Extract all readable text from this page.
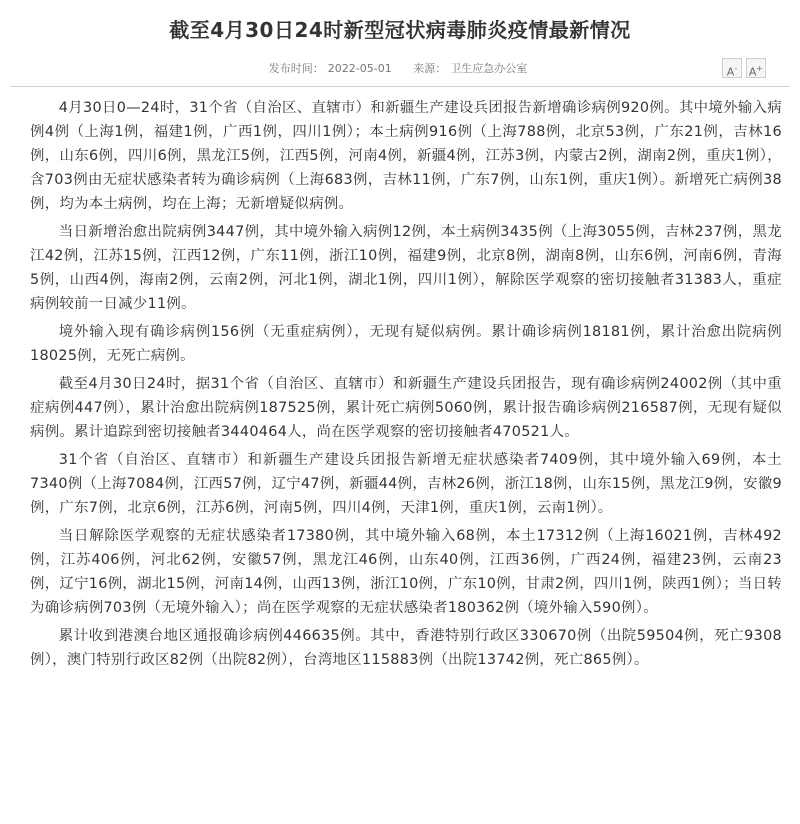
截至4月30日24时新型冠状病毒肺炎疫情最新情况
发布时间： 2022-05-01 来源： 卫生应急办公室	A-	A+

4月30日0—24时，31个省（自治区、直辖市）和新疆生产建设兵团报告新增确诊病例920例。其中境外输入病例4例（上海1例，福建1例，广西1例，四川1例）；本土病例916例（上海788例，北京53例，广东21例，吉林16例，山东6例，四川6例，黑龙江5例，江西5例，河南4例，新疆4例，江苏3例，内蒙古2例，湖南2例，重庆1例），含703例由无症状感染者转为确诊病例（上海683例，吉林11例，广东7例，山东1例，重庆1例）。新增死亡病例38例，均为本土病例，均在上海；无新增疑似病例。

当日新增治愈出院病例3447例，其中境外输入病例12例，本土病例3435例（上海3055例，吉林237例，黑龙江42例，江苏15例，江西12例，广东11例，浙江10例，福建9例，北京8例，湖南8例，山东6例，河南6例，青海5例，山西4例，海南2例，云南2例，河北1例，湖北1例，四川1例），解除医学观察的密切接触者31383人，重症病例较前一日减少11例。

境外输入现有确诊病例156例（无重症病例），无现有疑似病例。累计确诊病例18181例，累计治愈出院病例18025例，无死亡病例。

截至4月30日24时，据31个省（自治区、直辖市）和新疆生产建设兵团报告，现有确诊病例24002例（其中重症病例447例），累计治愈出院病例187525例，累计死亡病例5060例，累计报告确诊病例216587例，无现有疑似病例。累计追踪到密切接触者3440464人，尚在医学观察的密切接触者470521人。

31个省（自治区、直辖市）和新疆生产建设兵团报告新增无症状感染者7409例，其中境外输入69例，本土7340例（上海7084例，江西57例，辽宁47例，新疆44例，吉林26例，浙江18例，山东15例，黑龙江9例，安徽9例，广东7例，北京6例，江苏6例，河南5例，四川4例，天津1例，重庆1例，云南1例）。

当日解除医学观察的无症状感染者17380例，其中境外输入68例，本土17312例（上海16021例，吉林492例，江苏406例，河北62例，安徽57例，黑龙江46例，山东40例，江西36例，广西24例，福建23例，云南23例，辽宁16例，湖北15例，河南14例，山西13例，浙江10例，广东10例，甘肃2例，四川1例，陕西1例）；当日转为确诊病例703例（无境外输入）；尚在医学观察的无症状感染者180362例（境外输入590例）。

累计收到港澳台地区通报确诊病例446635例。其中，香港特别行政区330670例（出院59504例，死亡9308例），澳门特别行政区82例（出院82例），台湾地区115883例（出院13742例，死亡865例）。
